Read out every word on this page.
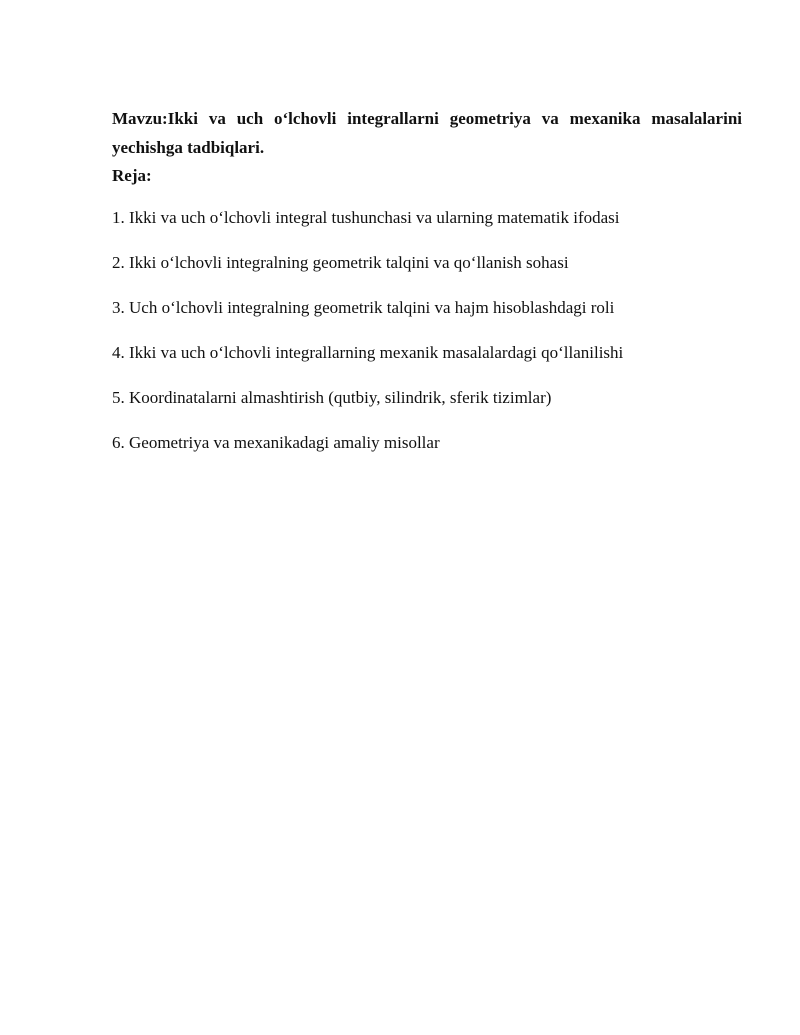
Mavzu:Ikki va uch o‘lchovli integrallarni geometriya va mexanika masalalarini yechishga tadbiqlari.

Reja:

1. Ikki va uch o‘lchovli integral tushunchasi va ularning matematik ifodasi
2. Ikki o‘lchovli integralning geometrik talqini va qo‘llanish sohasi
3. Uch o‘lchovli integralning geometrik talqini va hajm hisoblashdagi roli
4. Ikki va uch o‘lchovli integrallarning mexanik masalalardagi qo‘llanilishi
5. Koordinatalarni almashtirish (qutbiy, silindrik, sferik tizimlar)
6. Geometriya va mexanikadagi amaliy misollar
